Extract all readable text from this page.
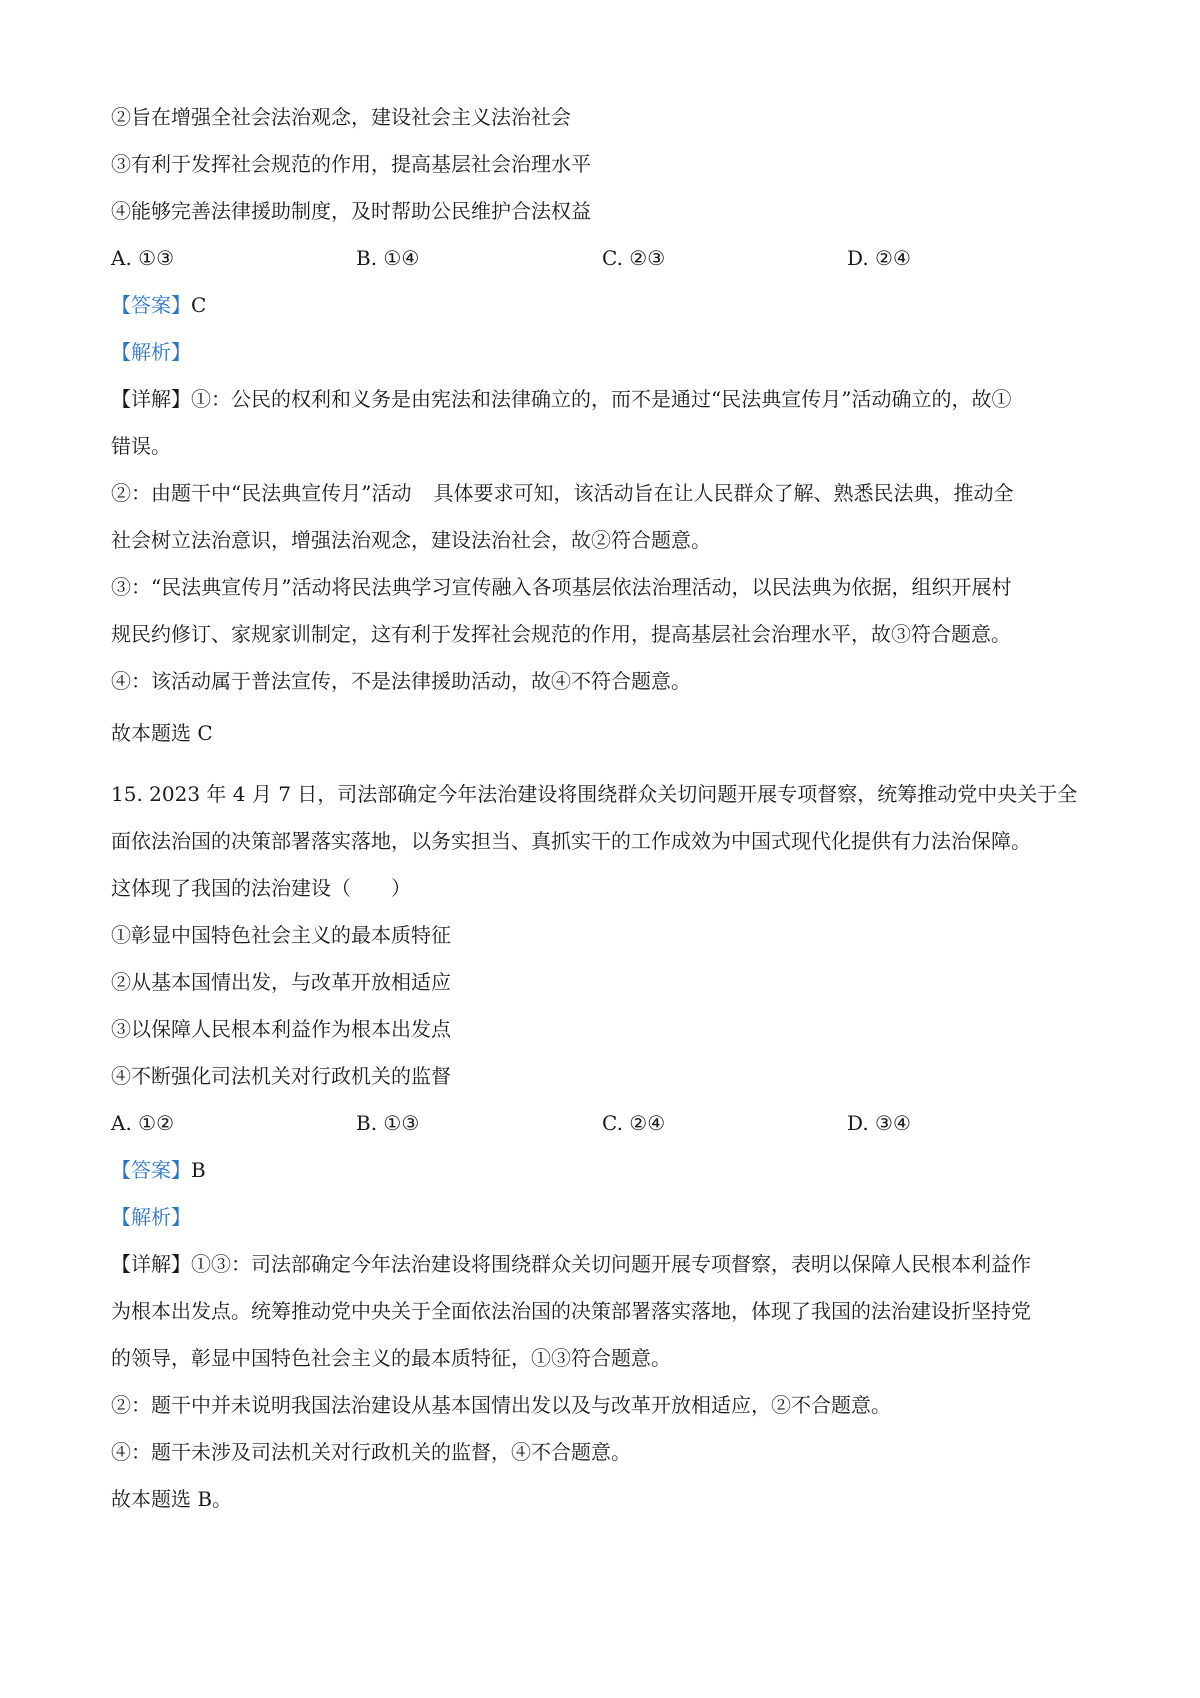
②旨在增强全社会法治观念，建设社会主义法治社会
③有利于发挥社会规范的作用，提高基层社会治理水平
④能够完善法律援助制度，及时帮助公民维护合法权益
A. ①③	B. ①④	C. ②③	D. ②④
【答案】C
【解析】
【详解】①：公民的权利和义务是由宪法和法律确立的，而不是通过“民法典宣传月”活动确立的，故①
错误。
②：由题干中“民法典宣传月”活动 具体要求可知，该活动旨在让人民群众了解、熟悉民法典，推动全
社会树立法治意识，增强法治观念，建设法治社会，故②符合题意。
③：“民法典宣传月”活动将民法典学习宣传融入各项基层依法治理活动，以民法典为依据，组织开展村
规民约修订、家规家训制定，这有利于发挥社会规范的作用，提高基层社会治理水平，故③符合题意。
④：该活动属于普法宣传，不是法律援助活动，故④不符合题意。
故本题选 C
15. 2023 年 4 月 7 日，司法部确定今年法治建设将围绕群众关切问题开展专项督察，统筹推动党中央关于全
面依法治国的决策部署落实落地，以务实担当、真抓实干的工作成效为中国式现代化提供有力法治保障。
这体现了我国的法治建设（　　）
①彰显中国特色社会主义的最本质特征
②从基本国情出发，与改革开放相适应
③以保障人民根本利益作为根本出发点
④不断强化司法机关对行政机关的监督
A. ①②	B. ①③	C. ②④	D. ③④
【答案】B
【解析】
【详解】①③：司法部确定今年法治建设将围绕群众关切问题开展专项督察，表明以保障人民根本利益作
为根本出发点。统筹推动党中央关于全面依法治国的决策部署落实落地，体现了我国的法治建设折坚持党
的领导，彰显中国特色社会主义的最本质特征，①③符合题意。
②：题干中并未说明我国法治建设从基本国情出发以及与改革开放相适应，②不合题意。
④：题干未涉及司法机关对行政机关的监督，④不合题意。
故本题选 B。
